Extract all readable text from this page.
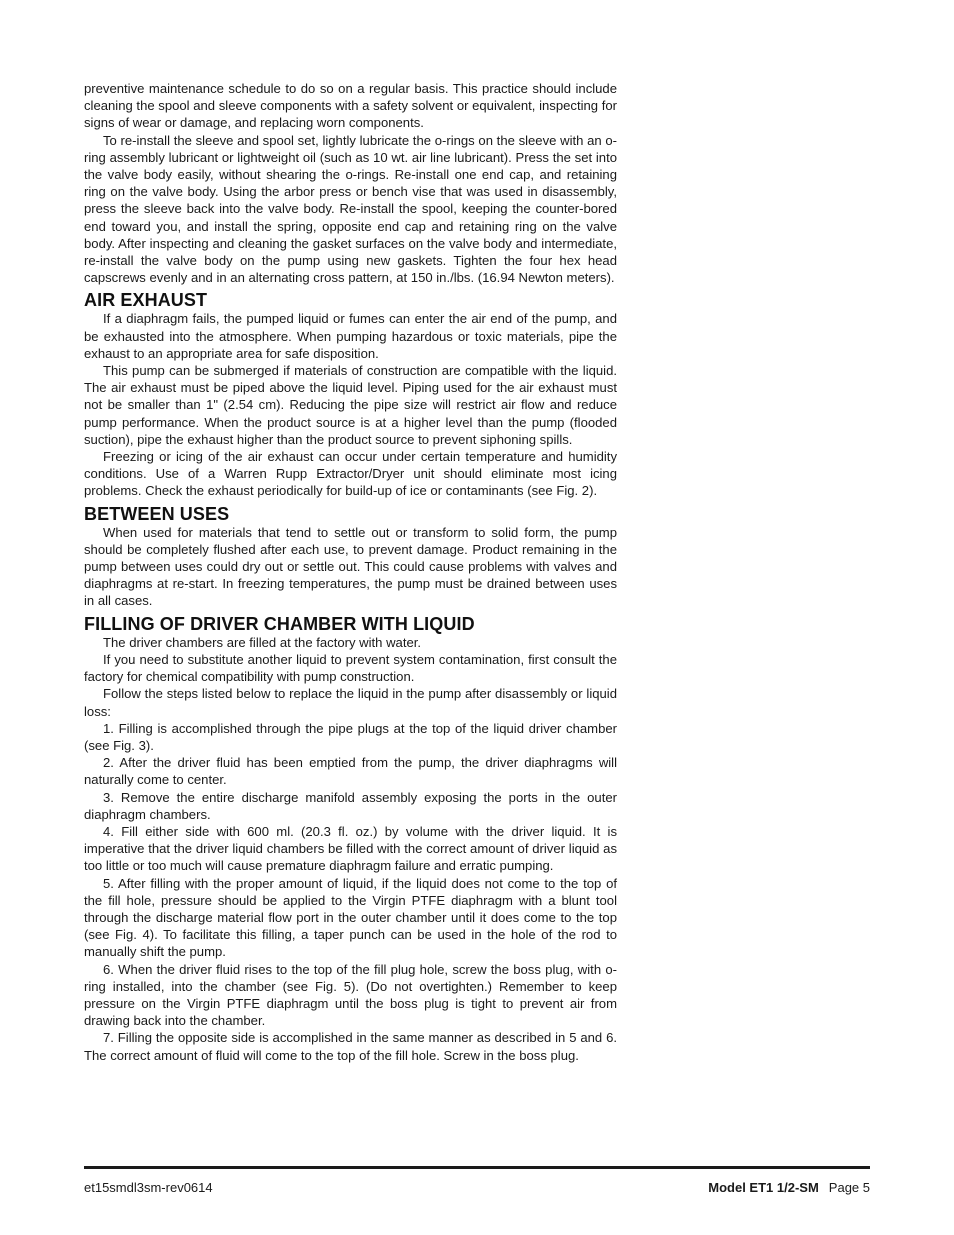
preventive maintenance schedule to do so on a regular basis. This practice should include cleaning the spool and sleeve components with a safety solvent or equivalent, inspecting for signs of wear or damage, and replacing worn components.

To re-install the sleeve and spool set, lightly lubricate the o-rings on the sleeve with an o-ring assembly lubricant or lightweight oil (such as 10 wt. air line lubricant). Press the set into the valve body easily, without shearing the o-rings. Re-install one end cap, and retaining ring on the valve body. Using the arbor press or bench vise that was used in disassembly, press the sleeve back into the valve body. Re-install the spool, keeping the counter-bored end toward you, and install the spring, opposite end cap and retaining ring on the valve body. After inspecting and cleaning the gasket surfaces on the valve body and intermediate, re-install the valve body on the pump using new gaskets. Tighten the four hex head capscrews evenly and in an alternating cross pattern, at 150 in./lbs. (16.94 Newton meters).

AIR EXHAUST

If a diaphragm fails, the pumped liquid or fumes can enter the air end of the pump, and be exhausted into the atmosphere. When pumping hazardous or toxic materials, pipe the exhaust to an appropriate area for safe disposition.

This pump can be submerged if materials of construction are compatible with the liquid. The air exhaust must be piped above the liquid level. Piping used for the air exhaust must not be smaller than 1" (2.54 cm). Reducing the pipe size will restrict air flow and reduce pump performance. When the product source is at a higher level than the pump (flooded suction), pipe the exhaust higher than the product source to prevent siphoning spills.

Freezing or icing of the air exhaust can occur under certain temperature and humidity conditions. Use of a Warren Rupp Extractor/Dryer unit should eliminate most icing problems. Check the exhaust periodically for build-up of ice or contaminants (see Fig. 2).

BETWEEN USES

When used for materials that tend to settle out or transform to solid form, the pump should be completely flushed after each use, to prevent damage. Product remaining in the pump between uses could dry out or settle out. This could cause problems with valves and diaphragms at re-start. In freezing temperatures, the pump must be drained between uses in all cases.

FILLING OF DRIVER CHAMBER WITH LIQUID

The driver chambers are filled at the factory with water.

If you need to substitute another liquid to prevent system contamination, first consult the factory for chemical compatibility with pump construction.

Follow the steps listed below to replace the liquid in the pump after disassembly or liquid loss:

1. Filling is accomplished through the pipe plugs at the top of the liquid driver chamber (see Fig. 3).

2. After the driver fluid has been emptied from the pump, the driver diaphragms will naturally come to center.

3. Remove the entire discharge manifold assembly exposing the ports in the outer diaphragm chambers.

4. Fill either side with 600 ml. (20.3 fl. oz.) by volume with the driver liquid. It is imperative that the driver liquid chambers be filled with the correct amount of driver liquid as too little or too much will cause premature diaphragm failure and erratic pumping.

5. After filling with the proper amount of liquid, if the liquid does not come to the top of the fill hole, pressure should be applied to the Virgin PTFE diaphragm with a blunt tool through the discharge material flow port in the outer chamber until it does come to the top (see Fig. 4). To facilitate this filling, a taper punch can be used in the hole of the rod to manually shift the pump.

6. When the driver fluid rises to the top of the fill plug hole, screw the boss plug, with o-ring installed, into the chamber (see Fig. 5). (Do not overtighten.) Remember to keep pressure on the Virgin PTFE diaphragm until the boss plug is tight to prevent air from drawing back into the chamber.

7. Filling the opposite side is accomplished in the same manner as described in 5 and 6. The correct amount of fluid will come to the top of the fill hole. Screw in the boss plug.

et15smdl3sm-rev0614	Model ET1 1/2-SM Page 5
